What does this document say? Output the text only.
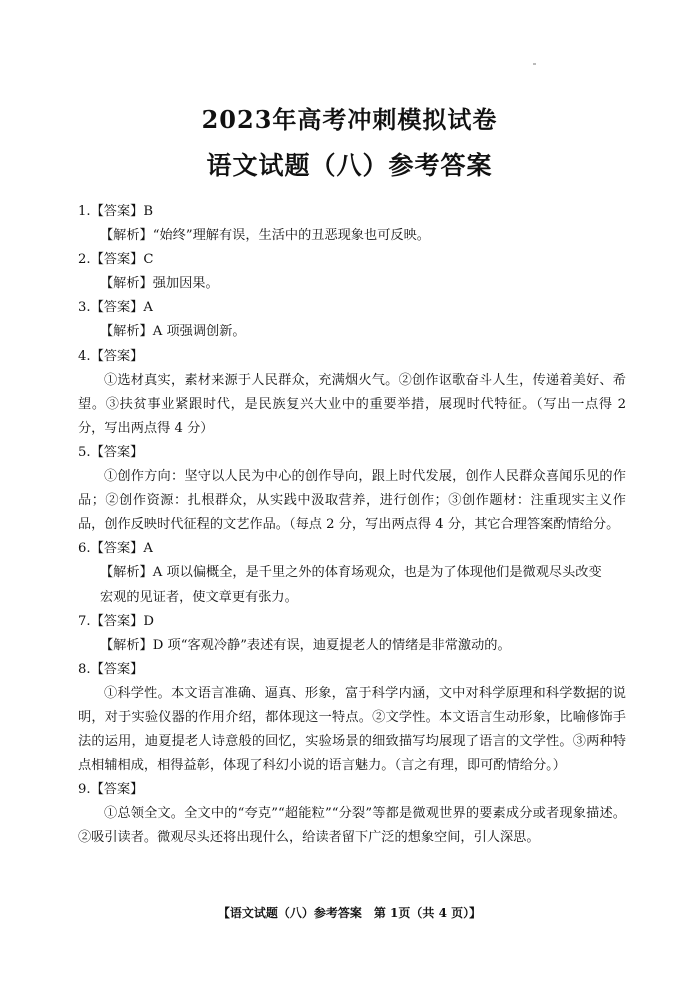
2023年高考冲刺模拟试卷
语文试题（八）参考答案
1.【答案】B
【解析】“始终”理解有误，生活中的丑恶现象也可反映。
2.【答案】C
【解析】强加因果。
3.【答案】A
【解析】A 项强调创新。
4.【答案】
①选材真实，素材来源于人民群众，充满烟火气。②创作讴歌奋斗人生，传递着美好、希望。③扶贫事业紧跟时代，是民族复兴大业中的重要举措，展现时代特征。（写出一点得 2 分，写出两点得 4 分）
5.【答案】
①创作方向：坚守以人民为中心的创作导向，跟上时代发展，创作人民群众喜闻乐见的作品；②创作资源：扎根群众，从实践中汲取营养，进行创作；③创作题材：注重现实主义作品，创作反映时代征程的文艺作品。（每点 2 分，写出两点得 4 分，其它合理答案酌情给分。
6.【答案】A
【解析】A 项以偏概全，是千里之外的体育场观众，也是为了体现他们是微观尽头改变
宏观的见证者，使文章更有张力。
7.【答案】D
【解析】D 项“客观冷静”表述有误，迪夏提老人的情绪是非常激动的。
8.【答案】
①科学性。本文语言准确、逼真、形象，富于科学内涵，文中对科学原理和科学数据的说明，对于实验仪器的作用介绍，都体现这一特点。②文学性。本文语言生动形象，比喻修饰手法的运用，迪夏提老人诗意般的回忆，实验场景的细致描写均展现了语言的文学性。③两种特点相辅相成，相得益彰，体现了科幻小说的语言魅力。（言之有理，即可酌情给分。）
9.【答案】
①总领全文。全文中的“夸克”“超能粒”“分裂”等都是微观世界的要素成分或者现象描述。②吸引读者。微观尽头还将出现什么，给读者留下广泛的想象空间，引人深思。
【语文试题（八）参考答案　第 1页（共 4 页）】
